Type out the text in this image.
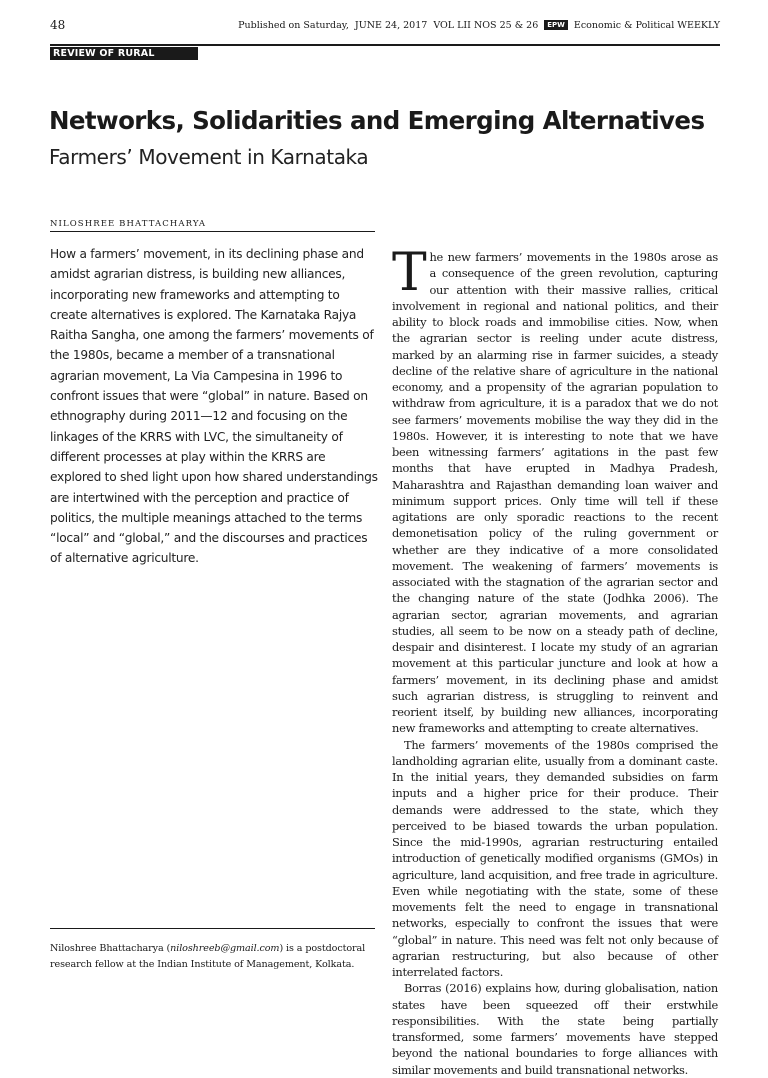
48	Published on Saturday, JUNE 24, 2017 VOL LII NOS 25 & 26 EPW Economic & Political WEEKLY
REVIEW OF RURAL AFFAIRS
Networks, Solidarities and Emerging Alternatives
Farmers’ Movement in Karnataka
NILOSHREE BHATTACHARYA
How a farmers’ movement, in its declining phase and amidst agrarian distress, is building new alliances, incorporating new frameworks and attempting to create alternatives is explored. The Karnataka Rajya Raitha Sangha, one among the farmers’ movements of the 1980s, became a member of a transnational agrarian movement, La Via Campesina in 1996 to confront issues that were “global” in nature. Based on ethnography during 2011—12 and focusing on the linkages of the KRRS with LVC, the simultaneity of different processes at play within the KRRS are explored to shed light upon how shared understandings are intertwined with the perception and practice of politics, the multiple meanings attached to the terms “local” and “global,” and the discourses and practices of alternative agriculture.
Niloshree Bhattacharya (niloshreeb@gmail.com) is a postdoctoral research fellow at the Indian Institute of Management, Kolkata.

The new farmers’ movements in the 1980s arose as a consequence of the green revolution, capturing our attention with their massive rallies, critical involvement in regional and national politics, and their ability to block roads and immobilise cities. Now, when the agrarian sector is reeling under acute distress, marked by an alarming rise in farmer suicides, a steady decline of the relative share of agriculture in the national economy, and a propensity of the agrarian population to withdraw from agriculture, it is a paradox that we do not see farmers’ movements mobilise the way they did in the 1980s. However, it is interesting to note that we have been witnessing farmers’ agitations in the past few months that have erupted in Madhya Pradesh, Maharashtra and Rajasthan demanding loan waiver and minimum support prices. Only time will tell if these agitations are only sporadic reactions to the recent demonetisation policy of the ruling government or whether are they indicative of a more consolidated movement. The weakening of farmers’ movements is associated with the stagnation of the agrarian sector and the changing nature of the state (Jodhka 2006). The agrarian sector, agrarian movements, and agrarian studies, all seem to be now on a steady path of decline, despair and disinterest. I locate my study of an agrarian movement at this particular juncture and look at how a farmers’ movement, in its declining phase and amidst such agrarian distress, is struggling to reinvent and reorient itself, by building new alliances, incorporating new frameworks and attempting to create alternatives.

The farmers’ movements of the 1980s comprised the landholding agrarian elite, usually from a dominant caste. In the initial years, they demanded subsidies on farm inputs and a higher price for their produce. Their demands were addressed to the state, which they perceived to be biased towards the urban population. Since the mid-1990s, agrarian restructuring entailed introduction of genetically modified organisms (GMOs) in agriculture, land acquisition, and free trade in agriculture. Even while negotiating with the state, some of these movements felt the need to engage in transnational networks, especially to confront the issues that were “global” in nature. This need was felt not only because of agrarian restructuring, but also because of other interrelated factors.

Borras (2016) explains how, during globalisation, nation states have been squeezed off their erstwhile responsibilities. With the state being partially transformed, some farmers’ movements have stepped beyond the national boundaries to forge alliances with similar movements and build transnational networks.
